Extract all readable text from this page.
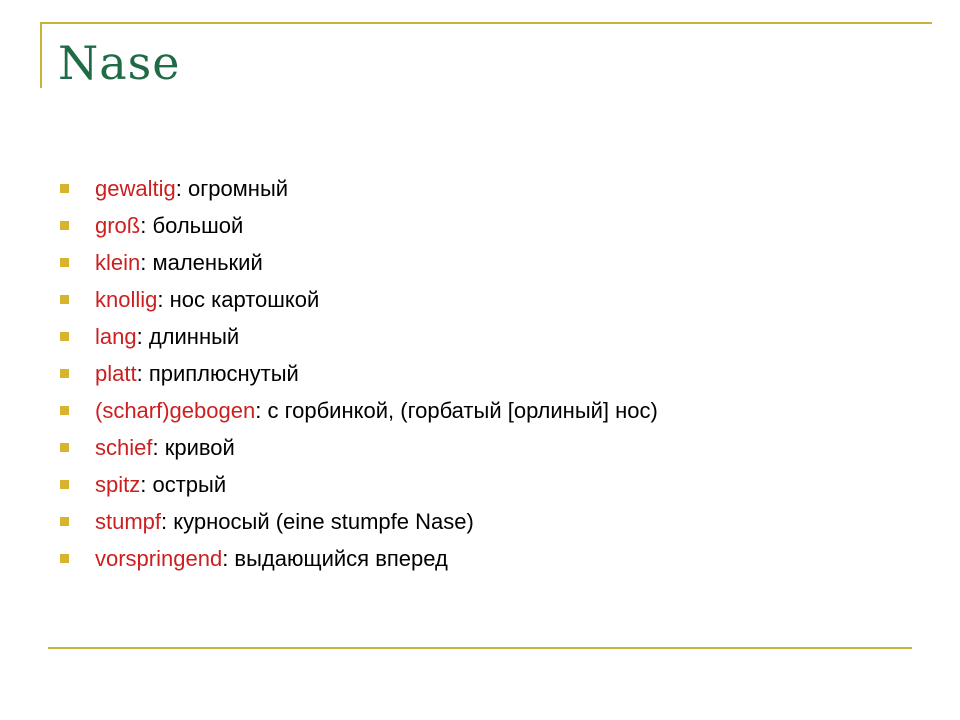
Nase
gewaltig: огромный
groß: большой
klein: маленький
knollig: нос картошкой
lang: длинный
platt: приплюснутый
(scharf)gebogen: с горбинкой, (горбатый [орлиный] нос)
schief: кривой
spitz: острый
stumpf: курносый (eine stumpfe Nase)
vorspringend: выдающийся вперед
